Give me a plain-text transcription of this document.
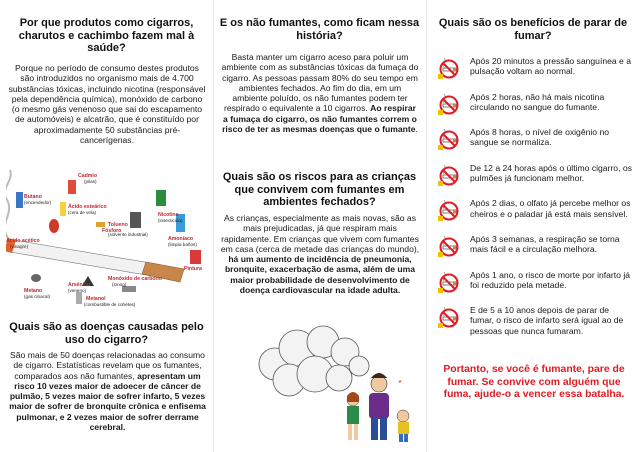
Por que produtos como cigarros, charutos e cachimbo fazem mal à saúde?

Porque no período de consumo destes produtos são introduzidos no organismo mais de 4.700 substâncias tóxicas, incluindo nicotina (responsável pela dependência química), monóxido de carbono (o mesmo gás venenoso que sai do escapamento de automóveis) e alcatrão, que é constituído por aproximadamente 50 substâncias pré-cancerígenas.

Cadmio
(pilas)
Butano
(encendedor)
Ácido esteárico
(cera de vela)
Ácido acético
(vinagre)
Fósforo
Tolueno
(solvente industrial)
Nicotina
(insecticida)
Amoníaco
(limpia baños)
Metano
(gas cloacal)
Arsénico
(veneno)
Monóxido de carbono
(smog)
Pintura
Metanol
(combustible de cohetes)
Quais são as doenças causadas pelo uso do cigarro?

São mais de 50 doenças relacionadas ao consumo de cigarro. Estatísticas revelam que os fumantes, comparados aos não fumantes, apresentam um risco 10 vezes maior de adoecer de câncer de pulmão, 5 vezes maior de sofrer infarto, 5 vezes maior de sofrer de bronquite crônica e enfisema pulmonar, e 2 vezes maior de sofrer derrame cerebral.

E os não fumantes, como ficam nessa história?

Basta manter um cigarro aceso para poluir um ambiente com as substâncias tóxicas da fumaça do cigarro. As pessoas passam 80% do seu tempo em ambientes fechados. Ao fim do dia, em um ambiente poluído, os não fumantes podem ter respirado o equivalente a 10 cigarros. Ao respirar a fumaça do cigarro, os não fumantes correm o risco de ter as mesmas doenças que o fumante.

Quais são os riscos para as crianças que convivem com fumantes em ambientes fechados?

As crianças, especialmente as mais novas, são as mais prejudicadas, já que respiram mais rapidamente. Em crianças que vivem com fumantes em casa (cerca de metade das crianças do mundo), há um aumento de incidência de pneumonia, bronquite, exacerbação de asma, além de uma maior probabilidade de desenvolvimento de doença cardiovascular na idade adulta.

Quais são os benefícios de parar de fumar?
Após 20 minutos a pressão sanguínea e a pulsação voltam ao normal.
Após 2 horas, não há mais nicotina circulando no sangue do fumante.
Após 8 horas, o nível de oxigênio no sangue se normaliza.
De 12 a 24 horas após o último cigarro, os pulmões já funcionam melhor.
Após 2 dias, o olfato já percebe melhor os cheiros e o paladar já está mais sensível.
Após 3 semanas, a respiração se torna mais fácil e a circulação melhora.
Após 1 ano, o risco de morte por infarto já foi reduzido pela metade.
E de 5 a 10 anos depois de parar de fumar, o risco de infarto será igual ao de pessoas que nunca fumaram.
Portanto, se você é fumante, pare de fumar. Se convive com alguém que fuma, ajude-o a vencer essa batalha.
